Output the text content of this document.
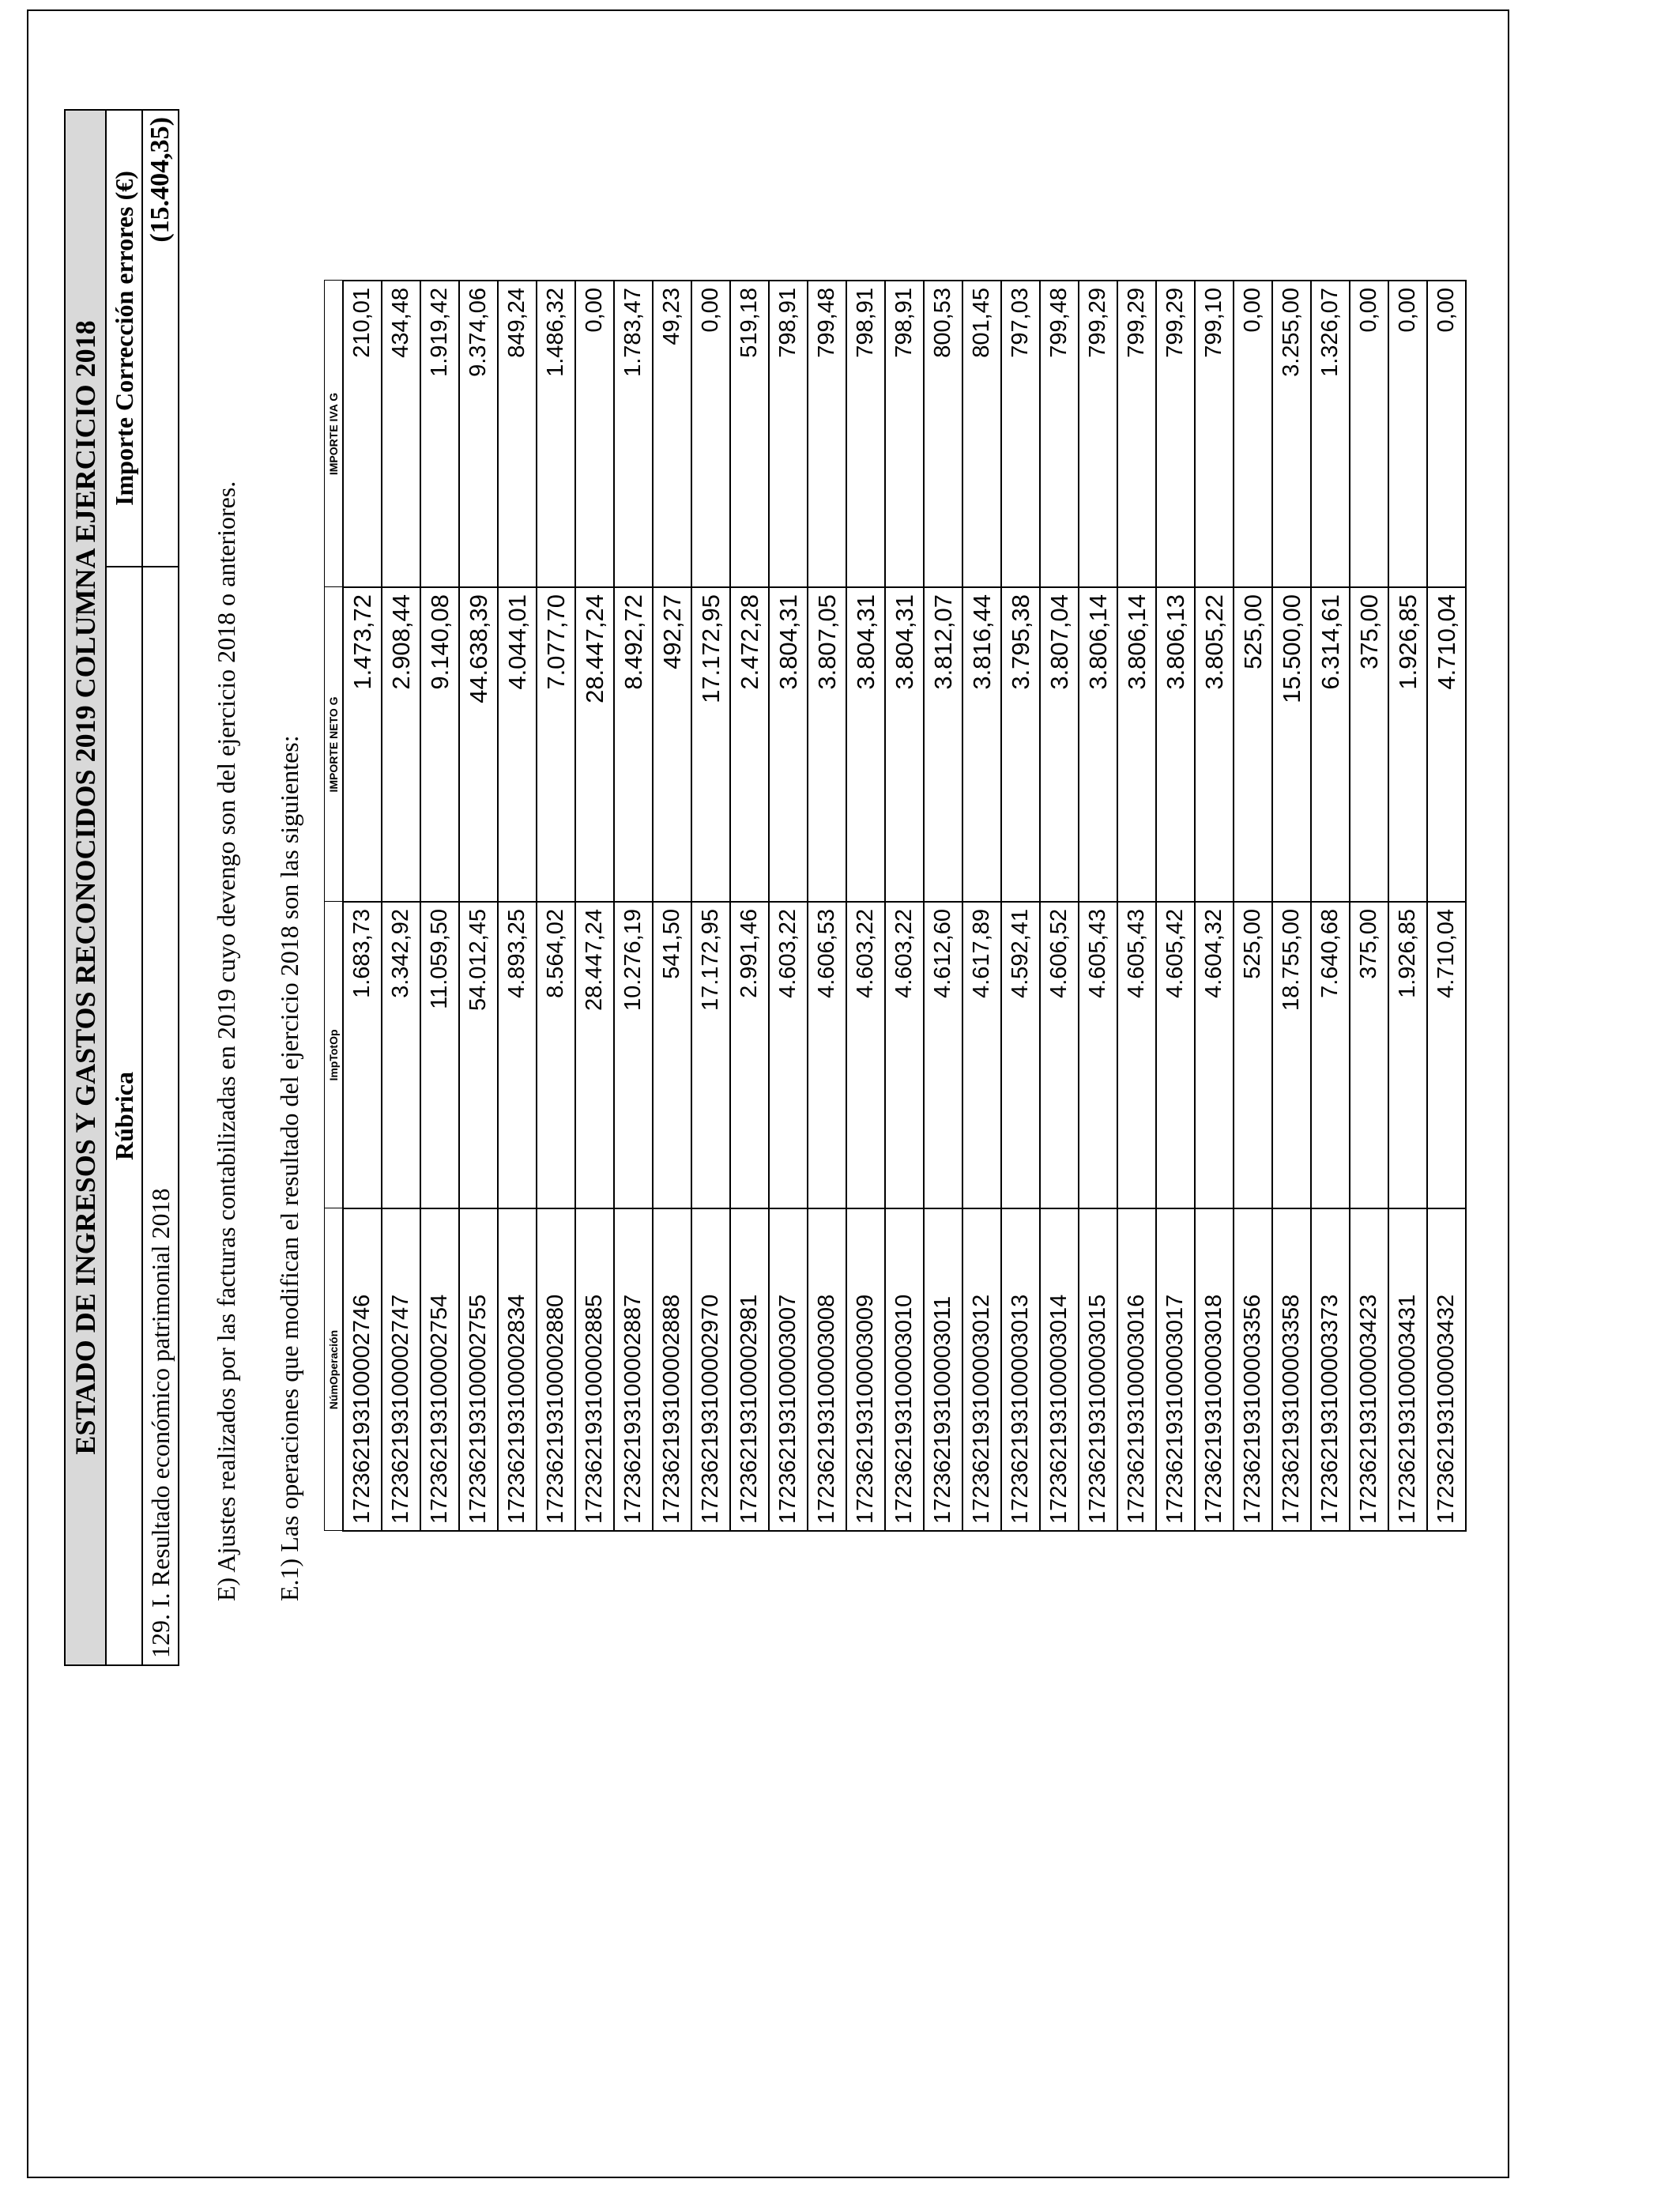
ESTADO DE INGRESOS Y GASTOS RECONOCIDOS 2019 COLUMNA EJERCICIO 2018	
Rúbrica	Importe Corrección errores (€)
129. I. Resultado económico patrimonial 2018	(15.404,35)
E) Ajustes realizados por las facturas contabilizadas en 2019 cuyo devengo son del ejercicio 2018 o anteriores. E.1) Las operaciones que modifican el resultado del ejercicio 2018 son las siguientes: NúmOperación	ImpTotOp	IMPORTE NETO G	IMPORTE IVA G
172362193100002746	1.683,73	1.473,72	210,01
172362193100002747	3.342,92	2.908,44	434,48
172362193100002754	11.059,50	9.140,08	1.919,42
172362193100002755	54.012,45	44.638,39	9.374,06
172362193100002834	4.893,25	4.044,01	849,24
172362193100002880	8.564,02	7.077,70	1.486,32
172362193100002885	28.447,24	28.447,24	0,00
172362193100002887	10.276,19	8.492,72	1.783,47
172362193100002888	541,50	492,27	49,23
172362193100002970	17.172,95	17.172,95	0,00
172362193100002981	2.991,46	2.472,28	519,18
172362193100003007	4.603,22	3.804,31	798,91
172362193100003008	4.606,53	3.807,05	799,48
172362193100003009	4.603,22	3.804,31	798,91
172362193100003010	4.603,22	3.804,31	798,91
172362193100003011	4.612,60	3.812,07	800,53
172362193100003012	4.617,89	3.816,44	801,45
172362193100003013	4.592,41	3.795,38	797,03
172362193100003014	4.606,52	3.807,04	799,48
172362193100003015	4.605,43	3.806,14	799,29
172362193100003016	4.605,43	3.806,14	799,29
172362193100003017	4.605,42	3.806,13	799,29
172362193100003018	4.604,32	3.805,22	799,10
172362193100003356	525,00	525,00	0,00
172362193100003358	18.755,00	15.500,00	3.255,00
172362193100003373	7.640,68	6.314,61	1.326,07
172362193100003423	375,00	375,00	0,00
172362193100003431	1.926,85	1.926,85	0,00
172362193100003432	4.710,04	4.710,04	0,00
